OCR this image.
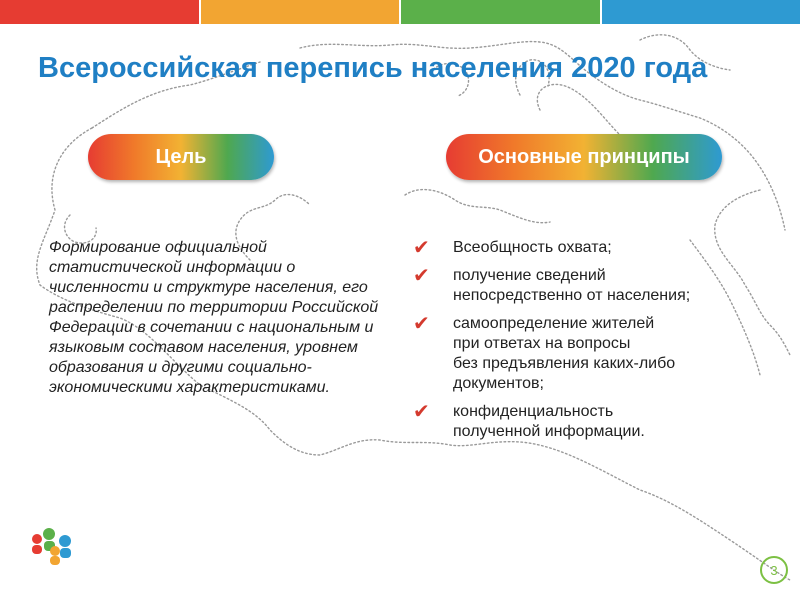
Всероссийская перепись населения 2020 года
Цель	Основные принципы
Формирование официальной статистической информации о численности и структуре населения, его распределении по территории Российской Федерации в сочетании с национальным и языковым составом населения, уровнем образования и другими социально-экономическими характеристиками.
✔ Всеобщность охвата;
✔ получение сведений
непосредственно от населения;
✔ самоопределение жителей
при ответах на вопросы
без предъявления каких-либо
документов;
✔ конфиденциальность
полученной информации.
3
